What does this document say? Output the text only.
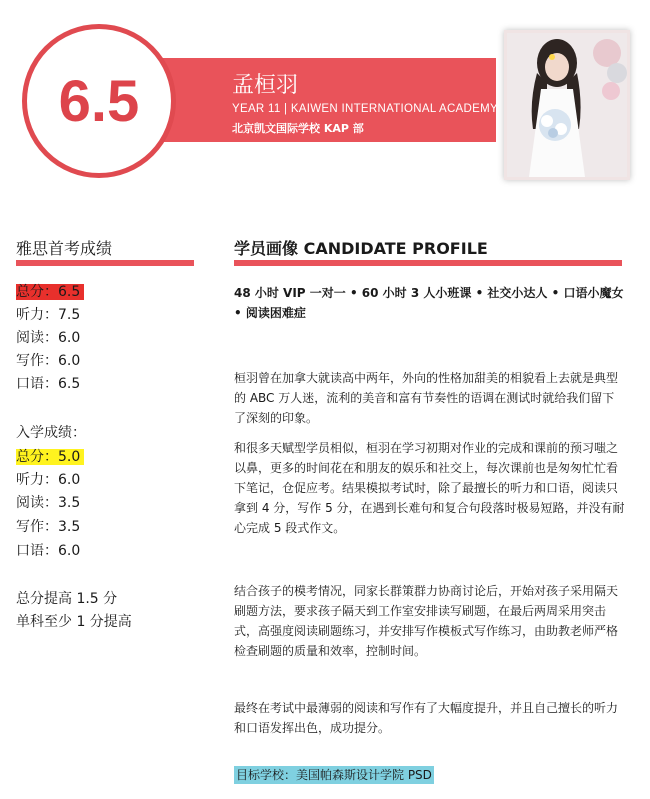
6.5	孟桓羽
YEAR 11 | KAIWEN INTERNATIONAL ACADEMY
北京凯文国际学校 KAP 部
雅思首考成绩
总分：6.5
听力：7.5
阅读：6.0
写作：6.0
口语：6.5
入学成绩：
总分：5.0
听力：6.0
阅读：3.5
写作：3.5
口语：6.0
总分提高 1.5 分
单科至少 1 分提高
学员画像 CANDIDATE PROFILE
48 小时 VIP 一对一 • 60 小时 3 人小班课 • 社交小达人 • 口语小魔女 • 阅读困难症
桓羽曾在加拿大就读高中两年，外向的性格加甜美的相貌看上去就是典型的 ABC 万人迷，流利的美音和富有节奏性的语调在测试时就给我们留下了深刻的印象。
和很多天赋型学员相似，桓羽在学习初期对作业的完成和课前的预习嗤之以鼻，更多的时间花在和朋友的娱乐和社交上，每次课前也是匆匆忙忙看下笔记，仓促应考。结果模拟考试时，除了最擅长的听力和口语，阅读只拿到 4 分，写作 5 分，在遇到长难句和复合句段落时极易短路，并没有耐心完成 5 段式作文。
结合孩子的模考情况，同家长群策群力协商讨论后，开始对孩子采用隔天刷题方法，要求孩子隔天到工作室安排读写刷题，在最后两周采用突击式，高强度阅读刷题练习，并安排写作模板式写作练习，由助教老师严格检查刷题的质量和效率，控制时间。
最终在考试中最薄弱的阅读和写作有了大幅度提升，并且自己擅长的听力和口语发挥出色，成功提分。
目标学校：美国帕森斯设计学院 PSD
